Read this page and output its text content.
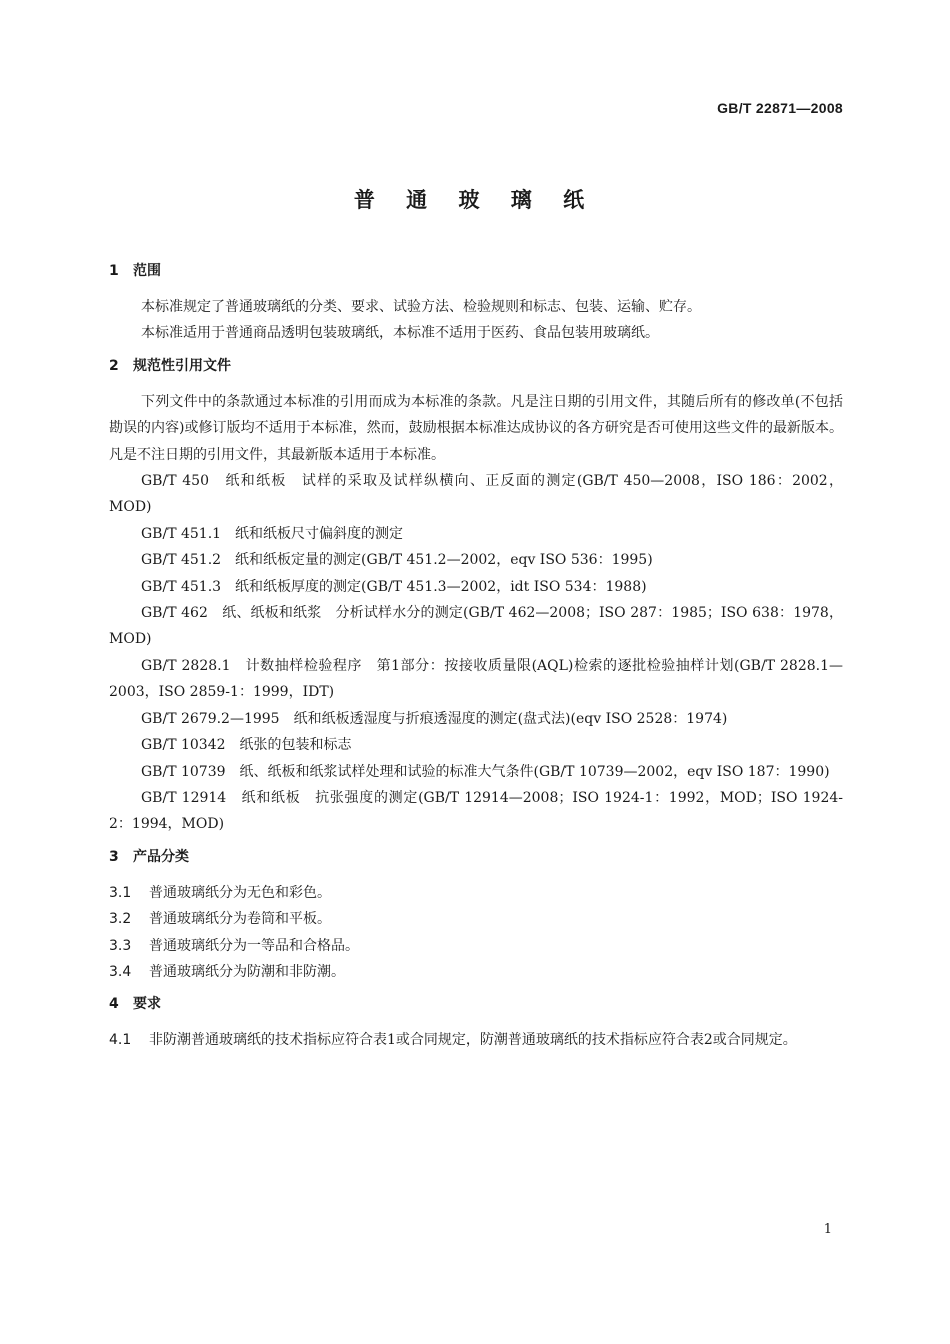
GB/T 22871—2008
普 通 玻 璃 纸
1 范围

本标准规定了普通玻璃纸的分类、要求、试验方法、检验规则和标志、包装、运输、贮存。

本标准适用于普通商品透明包装玻璃纸，本标准不适用于医药、食品包装用玻璃纸。

2 规范性引用文件

下列文件中的条款通过本标准的引用而成为本标准的条款。凡是注日期的引用文件，其随后所有的修改单(不包括勘误的内容)或修订版均不适用于本标准，然而，鼓励根据本标准达成协议的各方研究是否可使用这些文件的最新版本。凡是不注日期的引用文件，其最新版本适用于本标准。

GB/T 450　纸和纸板　试样的采取及试样纵横向、正反面的测定(GB/T 450—2008，ISO 186：2002，MOD)

GB/T 451.1　纸和纸板尺寸偏斜度的测定

GB/T 451.2　纸和纸板定量的测定(GB/T 451.2—2002，eqv ISO 536：1995)

GB/T 451.3　纸和纸板厚度的测定(GB/T 451.3—2002，idt ISO 534：1988)

GB/T 462　纸、纸板和纸浆　分析试样水分的测定(GB/T 462—2008；ISO 287：1985；ISO 638：1978，MOD)

GB/T 2828.1　计数抽样检验程序　第1部分：按接收质量限(AQL)检索的逐批检验抽样计划(GB/T 2828.1—2003，ISO 2859-1：1999，IDT)

GB/T 2679.2—1995　纸和纸板透湿度与折痕透湿度的测定(盘式法)(eqv ISO 2528：1974)

GB/T 10342　纸张的包装和标志

GB/T 10739　纸、纸板和纸浆试样处理和试验的标准大气条件(GB/T 10739—2002，eqv ISO 187：1990)

GB/T 12914　纸和纸板　抗张强度的测定(GB/T 12914—2008；ISO 1924-1：1992，MOD；ISO 1924-2：1994，MOD)

3 产品分类

3.1 普通玻璃纸分为无色和彩色。

3.2 普通玻璃纸分为卷筒和平板。

3.3 普通玻璃纸分为一等品和合格品。

3.4 普通玻璃纸分为防潮和非防潮。

4 要求

4.1 非防潮普通玻璃纸的技术指标应符合表1或合同规定，防潮普通玻璃纸的技术指标应符合表2或合同规定。

1
